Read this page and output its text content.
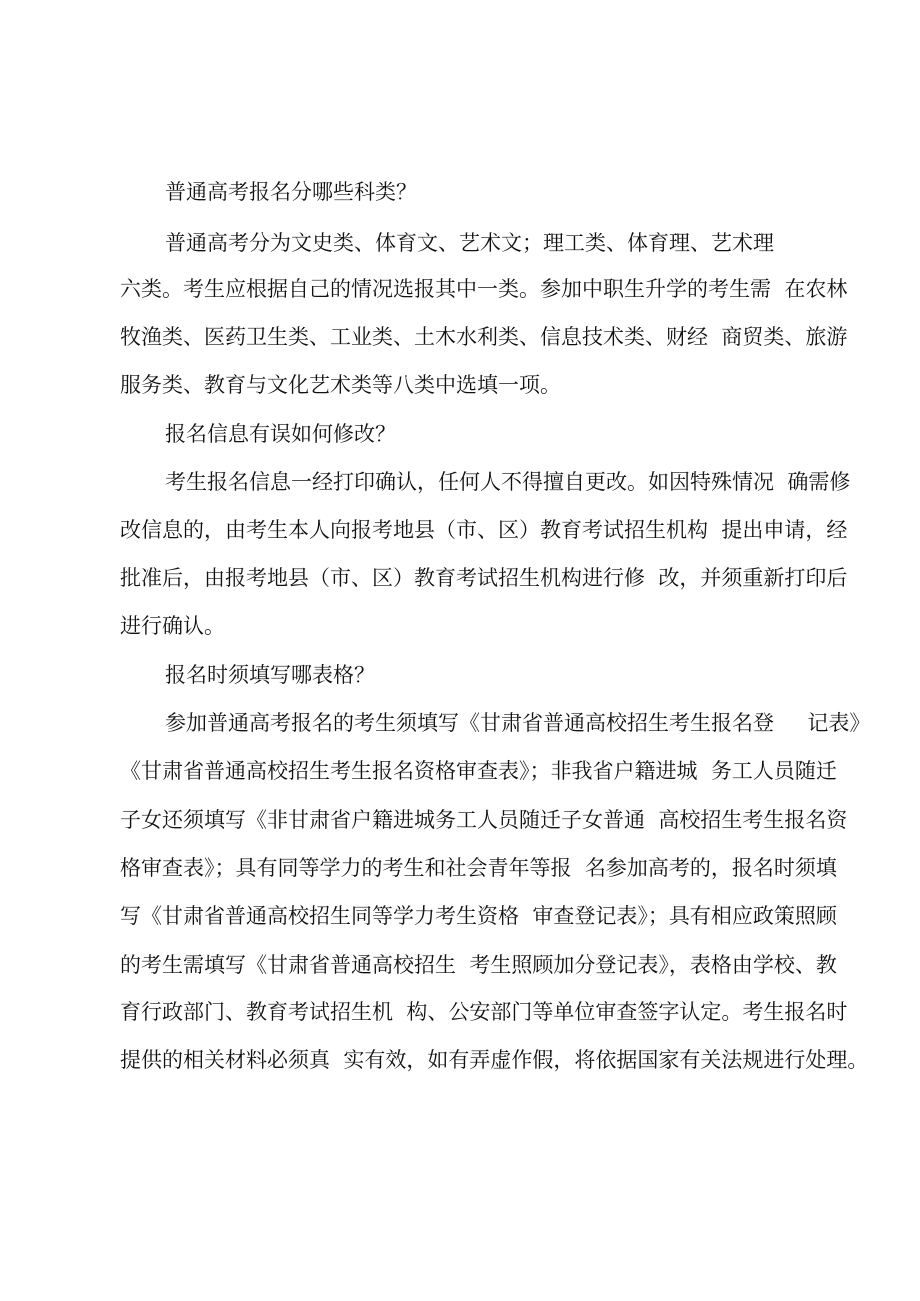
普通高考报名分哪些科类？

普通高考分为文史类、体育文、艺术文；理工类、体育理、艺术理

六类。考生应根据自己的情况选报其中一类。参加中职生升学的考生需  在农林

牧渔类、医药卫生类、工业类、土木水利类、信息技术类、财经  商贸类、旅游

服务类、教育与文化艺术类等八类中选填一项。

报名信息有误如何修改？

考生报名信息一经打印确认，任何人不得擅自更改。如因特殊情况  确需修

改信息的，由考生本人向报考地县（市、区）教育考试招生机构  提出申请，经

批准后，由报考地县（市、区）教育考试招生机构进行修  改，并须重新打印后

进行确认。

报名时须填写哪表格？

参加普通高考报名的考生须填写《甘肃省普通高校招生考生报名登     记表》

《甘肃省普通高校招生考生报名资格审查表》；非我省户籍进城  务工人员随迁

子女还须填写《非甘肃省户籍进城务工人员随迁子女普通  高校招生考生报名资

格审查表》；具有同等学力的考生和社会青年等报  名参加高考的，报名时须填

写《甘肃省普通高校招生同等学力考生资格  审查登记表》；具有相应政策照顾

的考生需填写《甘肃省普通高校招生  考生照顾加分登记表》，表格由学校、教

育行政部门、教育考试招生机  构、公安部门等单位审查签字认定。考生报名时

提供的相关材料必须真  实有效，如有弄虚作假，将依据国家有关法规进行处理。
